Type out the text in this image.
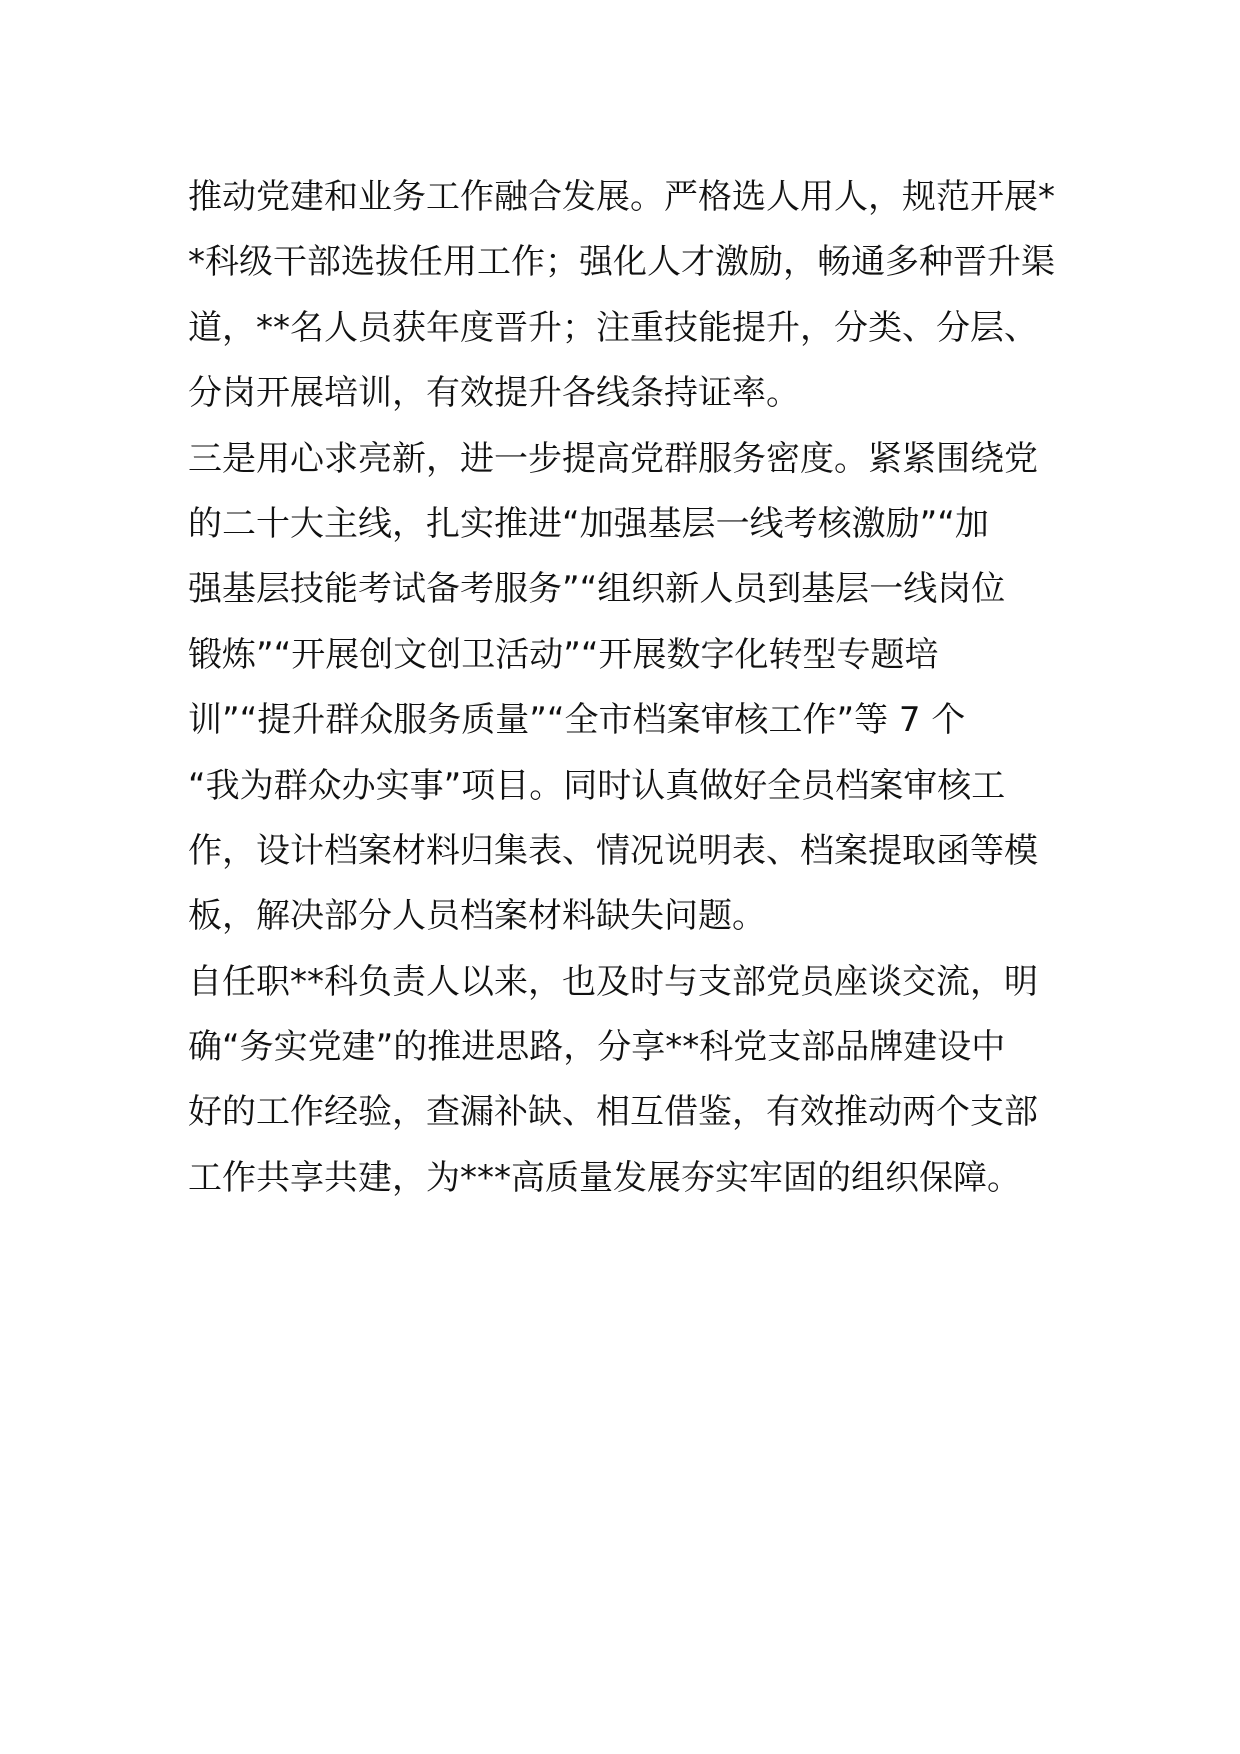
推动党建和业务工作融合发展。严格选人用人，规范开展*
*科级干部选拔任用工作；强化人才激励，畅通多种晋升渠
道，**名人员获年度晋升；注重技能提升，分类、分层、
分岗开展培训，有效提升各线条持证率。
三是用心求亮新，进一步提高党群服务密度。紧紧围绕党
的二十大主线，扎实推进“加强基层一线考核激励”“加
强基层技能考试备考服务”“组织新人员到基层一线岗位
锻炼”“开展创文创卫活动”“开展数字化转型专题培
训”“提升群众服务质量”“全市档案审核工作”等 7 个
“我为群众办实事”项目。同时认真做好全员档案审核工
作，设计档案材料归集表、情况说明表、档案提取函等模
板，解决部分人员档案材料缺失问题。
自任职**科负责人以来，也及时与支部党员座谈交流，明
确“务实党建”的推进思路，分享**科党支部品牌建设中
好的工作经验，查漏补缺、相互借鉴，有效推动两个支部
工作共享共建，为***高质量发展夯实牢固的组织保障。
